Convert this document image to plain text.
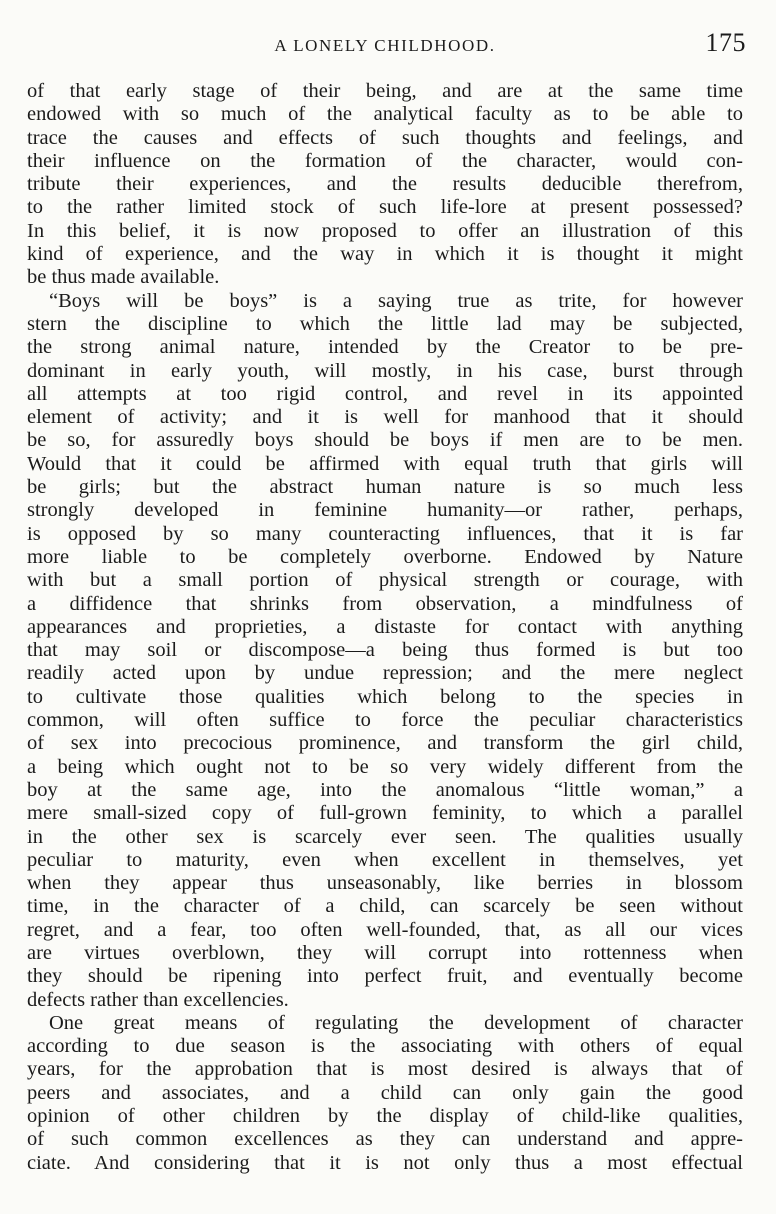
A LONELY CHILDHOOD.	175
of that early stage of their being, and are at the same time
endowed with so much of the analytical faculty as to be able to
trace the causes and effects of such thoughts and feelings, and
their influence on the formation of the character, would con-
tribute their experiences, and the results deducible therefrom,
to the rather limited stock of such life-lore at present possessed?
In this belief, it is now proposed to offer an illustration of this
kind of experience, and the way in which it is thought it might
be thus made available.
“Boys will be boys” is a saying true as trite, for however
stern the discipline to which the little lad may be subjected,
the strong animal nature, intended by the Creator to be pre-
dominant in early youth, will mostly, in his case, burst through
all attempts at too rigid control, and revel in its appointed
element of activity; and it is well for manhood that it should
be so, for assuredly boys should be boys if men are to be men.
Would that it could be affirmed with equal truth that girls will
be girls; but the abstract human nature is so much less
strongly developed in feminine humanity—or rather, perhaps,
is opposed by so many counteracting influences, that it is far
more liable to be completely overborne. Endowed by Nature
with but a small portion of physical strength or courage, with
a diffidence that shrinks from observation, a mindfulness of
appearances and proprieties, a distaste for contact with anything
that may soil or discompose—a being thus formed is but too
readily acted upon by undue repression; and the mere neglect
to cultivate those qualities which belong to the species in
common, will often suffice to force the peculiar characteristics
of sex into precocious prominence, and transform the girl child,
a being which ought not to be so very widely different from the
boy at the same age, into the anomalous “little woman,” a
mere small-sized copy of full-grown feminity, to which a parallel
in the other sex is scarcely ever seen. The qualities usually
peculiar to maturity, even when excellent in themselves, yet
when they appear thus unseasonably, like berries in blossom
time, in the character of a child, can scarcely be seen without
regret, and a fear, too often well-founded, that, as all our vices
are virtues overblown, they will corrupt into rottenness when
they should be ripening into perfect fruit, and eventually become
defects rather than excellencies.
One great means of regulating the development of character
according to due season is the associating with others of equal
years, for the approbation that is most desired is always that of
peers and associates, and a child can only gain the good
opinion of other children by the display of child-like qualities,
of such common excellences as they can understand and appre-
ciate. And considering that it is not only thus a most effectual
